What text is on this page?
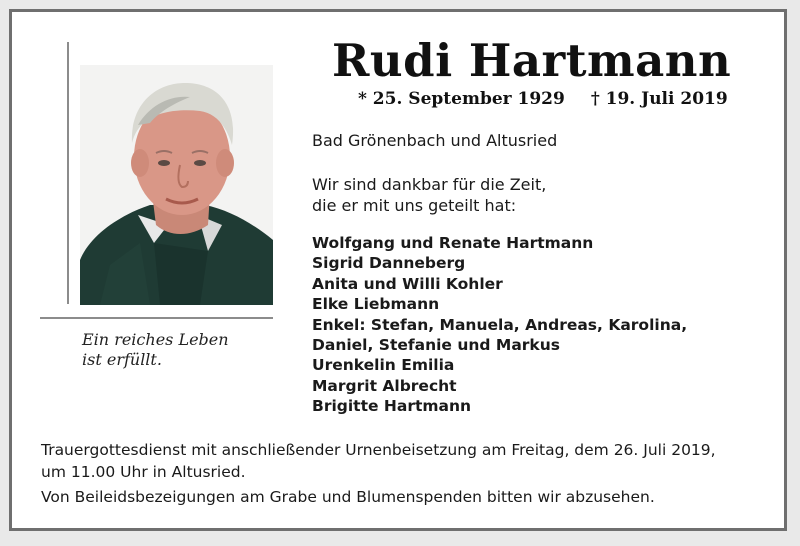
Rudi Hartmann
* 25. September 1929 † 19. Juli 2019
Ein reiches Leben
ist erfüllt.
Bad Grönenbach und Altusried
Wir sind dankbar für die Zeit,
die er mit uns geteilt hat:
Wolfgang und Renate Hartmann
Sigrid Danneberg
Anita und Willi Kohler
Elke Liebmann
Enkel: Stefan, Manuela, Andreas, Karolina,
Daniel, Stefanie und Markus
Urenkelin Emilia
Margrit Albrecht
Brigitte Hartmann
Trauergottesdienst mit anschließender Urnenbeisetzung am Freitag, dem 26. Juli 2019,
um 11.00 Uhr in Altusried.
Von Beileidsbezeigungen am Grabe und Blumenspenden bitten wir abzusehen.
